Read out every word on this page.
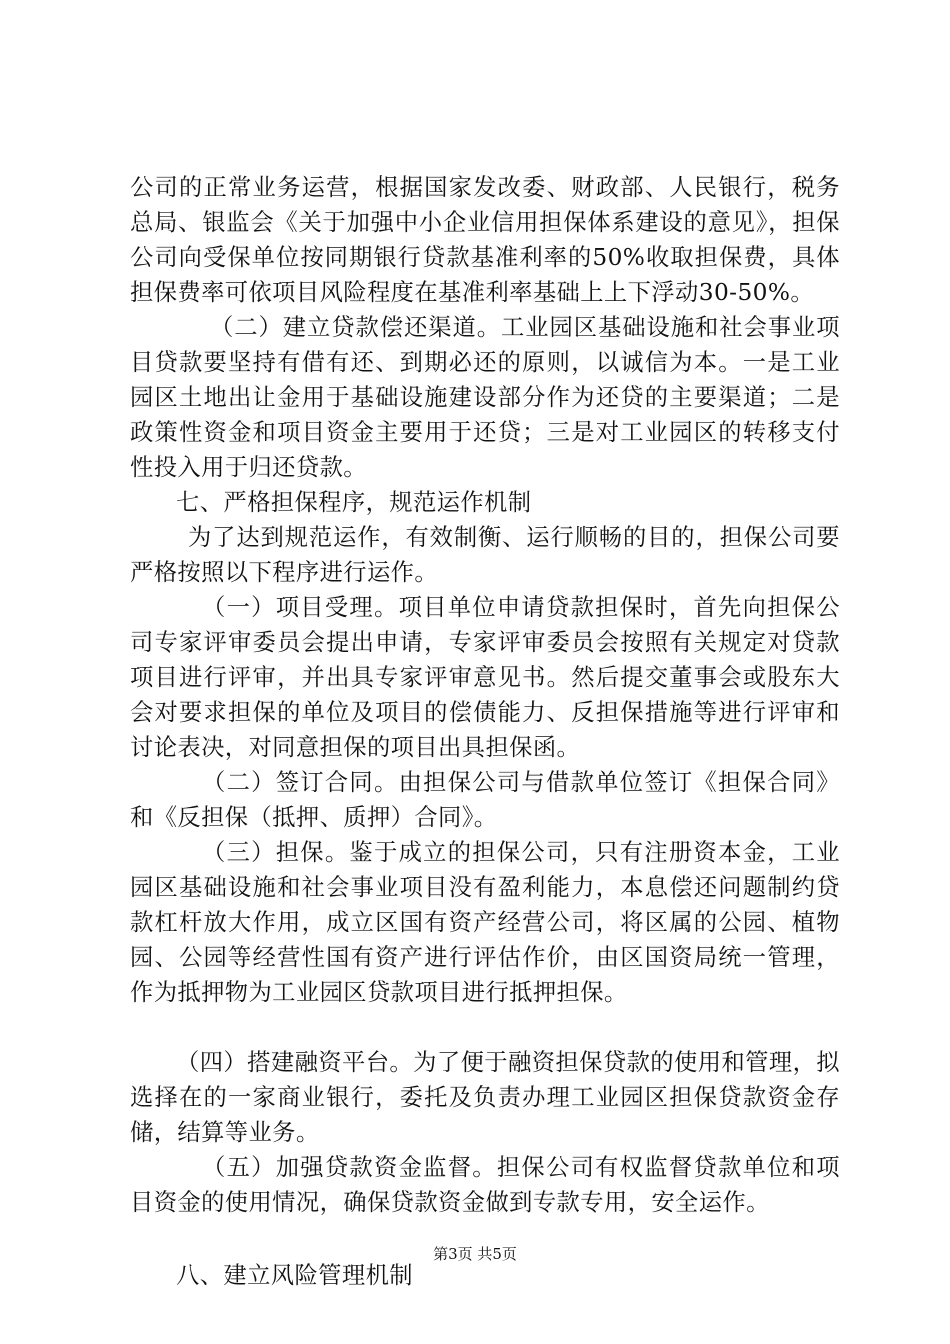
公司的正常业务运营，根据国家发改委、财政部、人民银行，税务总局、银监会《关于加强中小企业信用担保体系建设的意见》，担保公司向受保单位按同期银行贷款基准利率的50%收取担保费，具体担保费率可依项目风险程度在基准利率基础上上下浮动30-50%。

（二）建立贷款偿还渠道。工业园区基础设施和社会事业项目贷款要坚持有借有还、到期必还的原则，以诚信为本。一是工业园区土地出让金用于基础设施建设部分作为还贷的主要渠道；二是政策性资金和项目资金主要用于还贷；三是对工业园区的转移支付性投入用于归还贷款。

七、严格担保程序，规范运作机制

为了达到规范运作，有效制衡、运行顺畅的目的，担保公司要严格按照以下程序进行运作。

（一）项目受理。项目单位申请贷款担保时，首先向担保公司专家评审委员会提出申请，专家评审委员会按照有关规定对贷款项目进行评审，并出具专家评审意见书。然后提交董事会或股东大会对要求担保的单位及项目的偿债能力、反担保措施等进行评审和讨论表决，对同意担保的项目出具担保函。

（二）签订合同。由担保公司与借款单位签订《担保合同》和《反担保（抵押、质押）合同》。

（三）担保。鉴于成立的担保公司，只有注册资本金，工业园区基础设施和社会事业项目没有盈利能力，本息偿还问题制约贷款杠杆放大作用，成立区国有资产经营公司，将区属的公园、植物园、公园等经营性国有资产进行评估作价，由区国资局统一管理，作为抵押物为工业园区贷款项目进行抵押担保。

（四）搭建融资平台。为了便于融资担保贷款的使用和管理，拟选择在的一家商业银行，委托及负责办理工业园区担保贷款资金存储，结算等业务。

（五）加强贷款资金监督。担保公司有权监督贷款单位和项目资金的使用情况，确保贷款资金做到专款专用，安全运作。

八、建立风险管理机制

第3页 共5页
